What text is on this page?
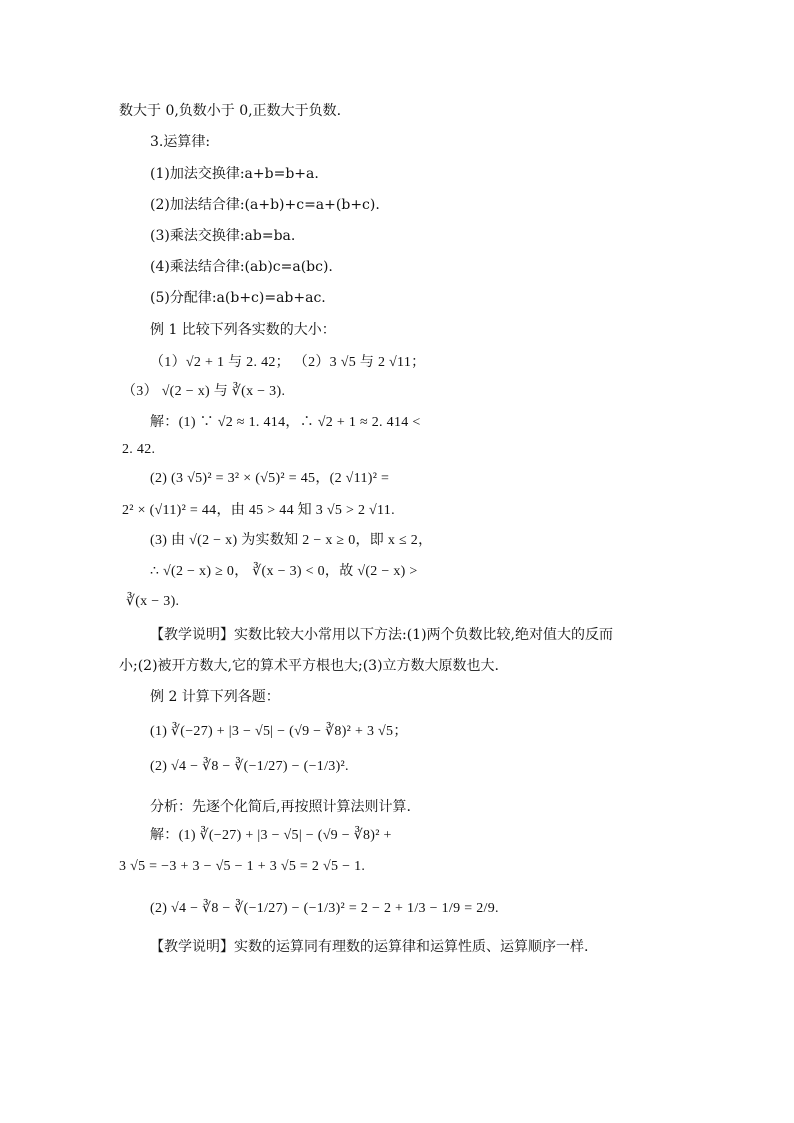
数大于 0,负数小于 0,正数大于负数.
3.运算律:
(1)加法交换律:a+b=b+a.
(2)加法结合律:(a+b)+c=a+(b+c).
(3)乘法交换律:ab=ba.
(4)乘法结合律:(ab)c=a(bc).
(5)分配律:a(b+c)=ab+ac.
例 1 比较下列各实数的大小：
（1）√2 + 1 与 2. 42； （2）3 √5 与 2 √11；
（3） √(2 − x) 与 ∛(x − 3).
解：(1) ∵ √2 ≈ 1. 414，∴ √2 + 1 ≈ 2. 414 <
2. 42.
(2) (3 √5)² = 3² × (√5)² = 45，(2 √11)² =
2² × (√11)² = 44，由 45 > 44 知 3 √5 > 2 √11.
(3) 由 √(2 − x) 为实数知 2 − x ≥ 0，即 x ≤ 2，
∴ √(2 − x) ≥ 0， ∛(x − 3) < 0，故 √(2 − x) >
∛(x − 3).
【教学说明】实数比较大小常用以下方法:(1)两个负数比较,绝对值大的反而
小;(2)被开方数大,它的算术平方根也大;(3)立方数大原数也大.
例 2 计算下列各题：
(1) ∛(−27) + |3 − √5| − (√9 − ∛8)² + 3 √5；
(2) √4 − ∛8 − ∛(−1/27) − (−1/3)².
分析：先逐个化简后,再按照计算法则计算.
解：(1) ∛(−27) + |3 − √5| − (√9 − ∛8)² +
3 √5 = −3 + 3 − √5 − 1 + 3 √5 = 2 √5 − 1.
(2) √4 − ∛8 − ∛(−1/27) − (−1/3)² = 2 − 2 + 1/3 − 1/9 = 2/9.
【教学说明】实数的运算同有理数的运算律和运算性质、运算顺序一样.
